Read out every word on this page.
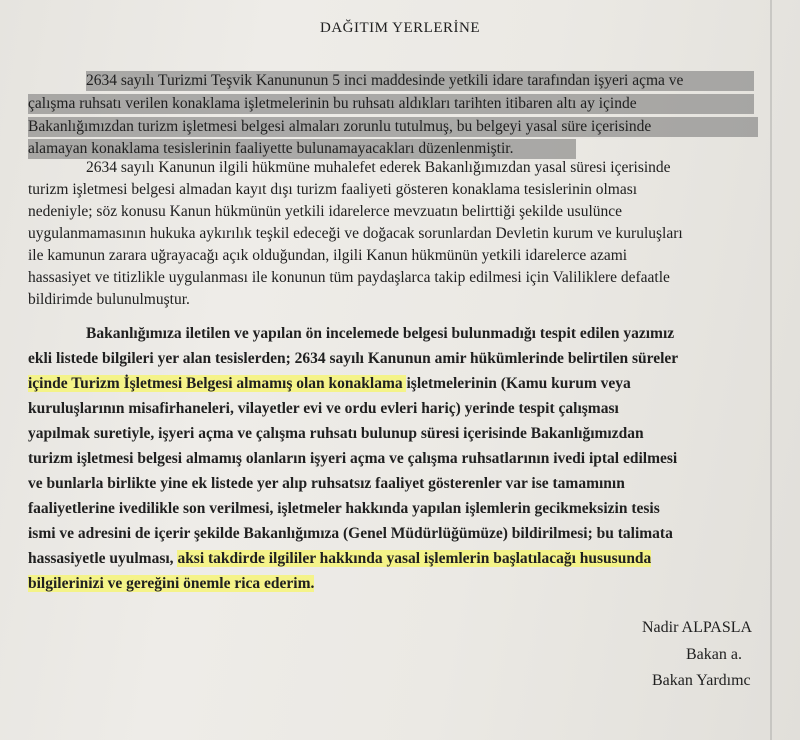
DAĞITIM YERLERİNE
2634 sayılı Turizmi Teşvik Kanununun 5 inci maddesinde yetkili idare tarafından işyeri açma ve
çalışma ruhsatı verilen konaklama işletmelerinin bu ruhsatı aldıkları tarihten itibaren altı ay içinde
Bakanlığımızdan turizm işletmesi belgesi almaları zorunlu tutulmuş, bu belgeyi yasal süre içerisinde
alamayan konaklama tesislerinin faaliyette bulunamayacakları düzenlenmiştir.
2634 sayılı Kanunun ilgili hükmüne muhalefet ederek Bakanlığımızdan yasal süresi içerisinde
turizm işletmesi belgesi almadan kayıt dışı turizm faaliyeti gösteren konaklama tesislerinin olması
nedeniyle; söz konusu Kanun hükmünün yetkili idarelerce mevzuatın belirttiği şekilde usulünce
uygulanmamasının hukuka aykırılık teşkil edeceği ve doğacak sorunlardan Devletin kurum ve kuruluşları
ile kamunun zarara uğrayacağı açık olduğundan, ilgili Kanun hükmünün yetkili idarelerce azami
hassasiyet ve titizlikle uygulanması ile konunun tüm paydaşlarca takip edilmesi için Valiliklere defaatle
bildirimde bulunulmuştur.
Bakanlığımıza iletilen ve yapılan ön incelemede belgesi bulunmadığı tespit edilen yazımız
ekli listede bilgileri yer alan tesislerden; 2634 sayılı Kanunun amir hükümlerinde belirtilen süreler
içinde Turizm İşletmesi Belgesi almamış olan konaklama işletmelerinin (Kamu kurum veya
kuruluşlarının misafirhaneleri, vilayetler evi ve ordu evleri hariç) yerinde tespit çalışması
yapılmak suretiyle, işyeri açma ve çalışma ruhsatı bulunup süresi içerisinde Bakanlığımızdan
turizm işletmesi belgesi almamış olanların işyeri açma ve çalışma ruhsatlarının ivedi iptal edilmesi
ve bunlarla birlikte yine ek listede yer alıp ruhsatsız faaliyet gösterenler var ise tamamının
faaliyetlerine ivedilikle son verilmesi, işletmeler hakkında yapılan işlemlerin gecikmeksizin tesis
ismi ve adresini de içerir şekilde Bakanlığımıza (Genel Müdürlüğümüze) bildirilmesi; bu talimata
hassasiyetle uyulması, aksi takdirde ilgililer hakkında yasal işlemlerin başlatılacağı hususunda
bilgilerinizi ve gereğini önemle rica ederim.
Nadir ALPASLA
Bakan a.
Bakan Yardımc
